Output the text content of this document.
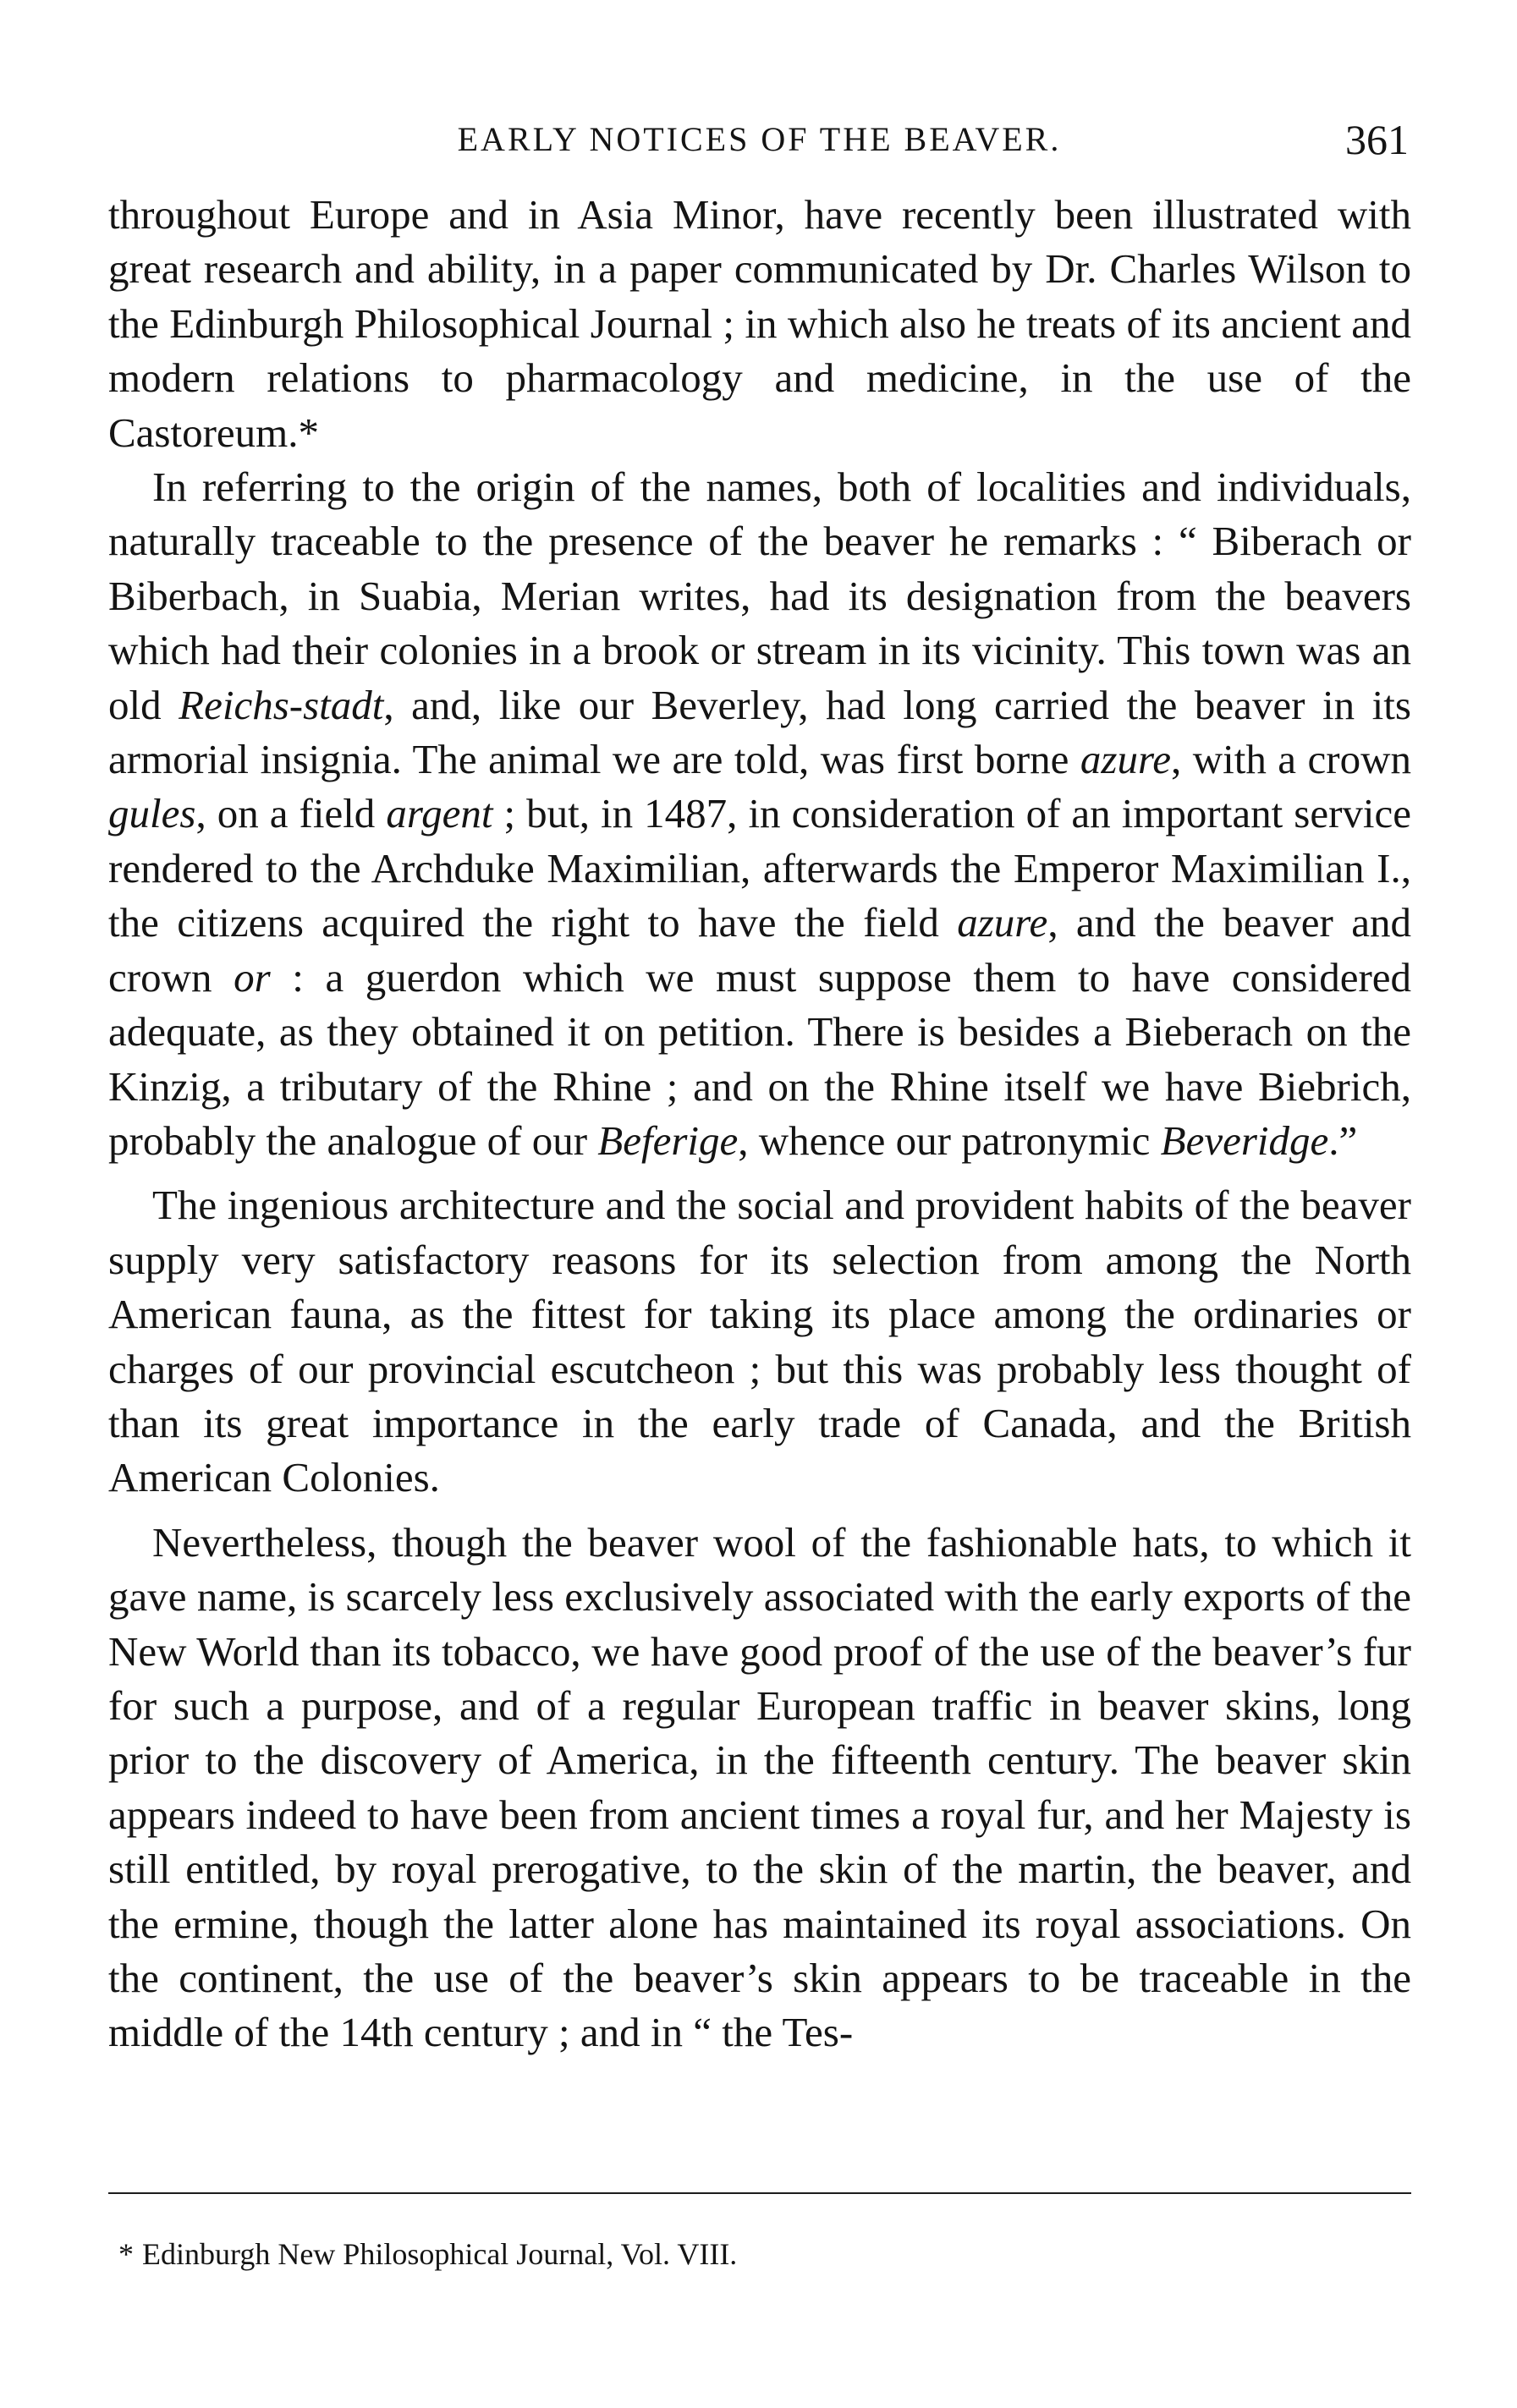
EARLY NOTICES OF THE BEAVER.	361

throughout Europe and in Asia Minor, have recently been illustrated with great research and ability, in a paper communicated by Dr. Charles Wilson to the Edinburgh Philosophical Journal ; in which also he treats of its ancient and modern relations to pharmacology and medicine, in the use of the Castoreum.*

In referring to the origin of the names, both of localities and individuals, naturally traceable to the presence of the beaver he remarks : “ Biberach or Biberbach, in Suabia, Merian writes, had its designation from the beavers which had their colonies in a brook or stream in its vicinity. This town was an old Reichs-stadt, and, like our Beverley, had long carried the beaver in its armorial insignia. The animal we are told, was first borne azure, with a crown gules, on a field argent ; but, in 1487, in consideration of an important service rendered to the Archduke Maximilian, afterwards the Emperor Maximilian I., the citizens acquired the right to have the field azure, and the beaver and crown or : a guerdon which we must suppose them to have considered adequate, as they obtained it on petition. There is besides a Bieberach on the Kinzig, a tributary of the Rhine ; and on the Rhine itself we have Biebrich, probably the analogue of our Beferige, whence our patronymic Beveridge.”

The ingenious architecture and the social and provident habits of the beaver supply very satisfactory reasons for its selection from among the North American fauna, as the fittest for taking its place among the ordinaries or charges of our provincial escutcheon ; but this was probably less thought of than its great importance in the early trade of Canada, and the British American Colonies.

Nevertheless, though the beaver wool of the fashionable hats, to which it gave name, is scarcely less exclusively associated with the early exports of the New World than its tobacco, we have good proof of the use of the beaver’s fur for such a purpose, and of a regular European traffic in beaver skins, long prior to the discovery of America, in the fifteenth century. The beaver skin appears indeed to have been from ancient times a royal fur, and her Majesty is still entitled, by royal prerogative, to the skin of the martin, the beaver, and the ermine, though the latter alone has maintained its royal associations. On the continent, the use of the beaver’s skin appears to be traceable in the middle of the 14th century ; and in “ the Tes-

* Edinburgh New Philosophical Journal, Vol. VIII.
